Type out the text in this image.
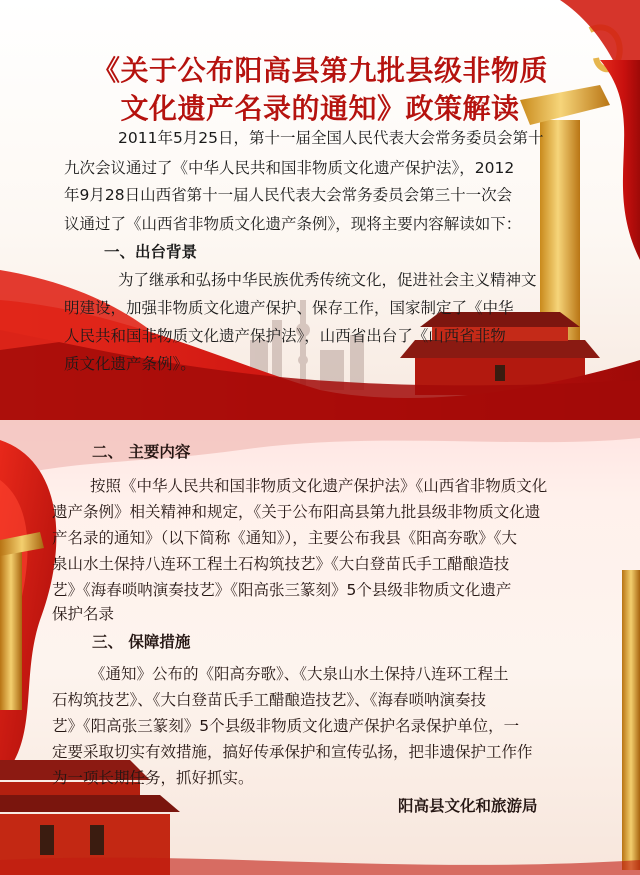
《关于公布阳高县第九批县级非物质
文化遗产名录的通知》政策解读
2011年5月25日，第十一届全国人民代表大会常务委员会第十
九次会议通过了《中华人民共和国非物质文化遗产保护法》，2012
年9月28日山西省第十一届人民代表大会常务委员会第三十一次会
议通过了《山西省非物质文化遗产条例》，现将主要内容解读如下：
一、出台背景
为了继承和弘扬中华民族优秀传统文化，促进社会主义精神文
明建设，加强非物质文化遗产保护、保存工作，国家制定了《中华
人民共和国非物质文化遗产保护法》，山西省出台了《山西省非物
质文化遗产条例》。
二、 主要内容
按照《中华人民共和国非物质文化遗产保护法》《山西省非物质文化
遗产条例》相关精神和规定，《关于公布阳高县第九批县级非物质文化遗
产名录的通知》（以下简称《通知》），主要公布我县《阳高夯歌》《大
泉山水土保持八连环工程土石构筑技艺》《大白登苗氏手工醋酿造技
艺》《海春唢呐演奏技艺》《阳高张三篆刻》5个县级非物质文化遗产
保护名录
三、 保障措施
《通知》公布的《阳高夯歌》、《大泉山水土保持八连环工程土
石构筑技艺》、《大白登苗氏手工醋酿造技艺》、《海春唢呐演奏技
艺》《阳高张三篆刻》5个县级非物质文化遗产保护名录保护单位，一
定要采取切实有效措施，搞好传承保护和宣传弘扬，把非遗保护工作作
为一项长期任务，抓好抓实。
阳高县文化和旅游局
